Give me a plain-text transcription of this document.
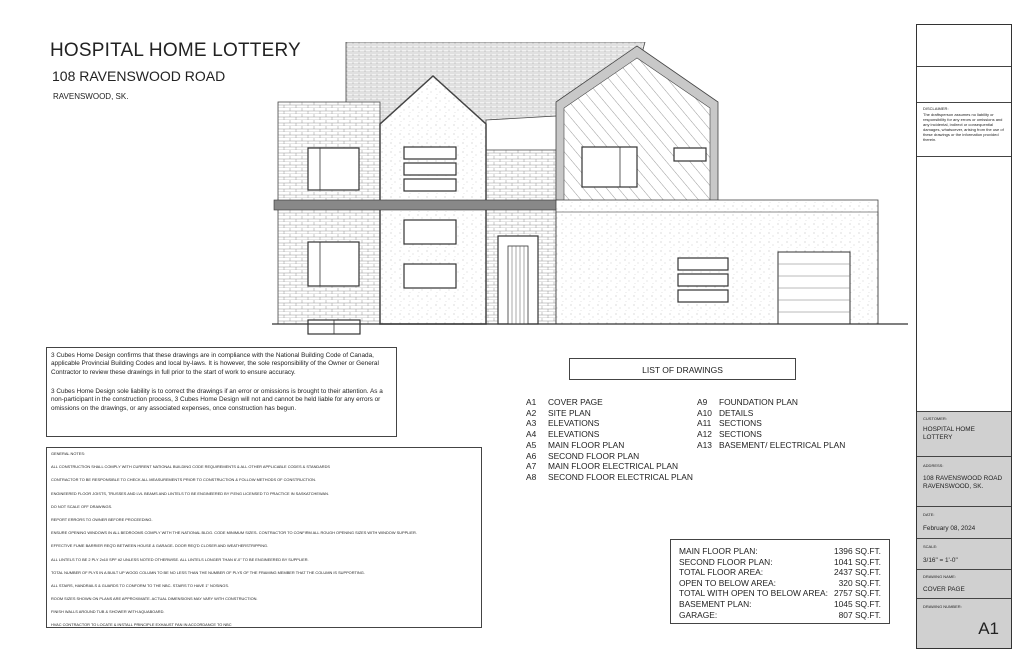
HOSPITAL HOME LOTTERY
108 RAVENSWOOD ROAD
RAVENSWOOD, SK.

3 Cubes Home Design confirms that these drawings are in compliance with the National Building Code of Canada, applicable Provincial Building Codes and local by-laws. It is however, the sole responsibility of the Owner or General Contractor to review these drawings in full prior to the start of work to ensure accuracy.

3 Cubes Home Design sole liability is to correct the drawings if an error or omissions is brought to their attention. As a non-participant in the construction process, 3 Cubes Home Design will not and cannot be held liable for any errors or omissions on the drawings, or any associated expenses, once construction has begun.

GENERAL NOTES:
ALL CONSTRUCTION SHALL COMPLY WITH CURRENT NATIONAL BUILDING CODE REQUIREMENTS & ALL OTHER APPLICABLE CODES & STANDARDS
CONTRACTOR TO BE RESPONSIBLE TO CHECK ALL MEASUREMENTS PRIOR TO CONSTRUCTION & FOLLOW METHODS OF CONSTRUCTION.
ENGINEERED FLOOR JOISTS, TRUSSES AND LVL BEAMS AND LINTELS TO BE ENGINEERED BY P.ENG LICENSED TO PRACTICE IN SASKATCHEWAN.
DO NOT SCALE OFF DRAWINGS.
REPORT ERRORS TO OWNER BEFORE PROCEEDING.
ENSURE OPENING WINDOWS IN ALL BEDROOMS COMPLY WITH THE NATIONAL BLDG. CODE MINIMUM SIZES- CONTRACTOR TO CONFIRM ALL ROUGH OPENING SIZES WITH WINDOW SUPPLIER.
EFFECTIVE FUME BARRIER REQ'D BETWEEN HOUSE & GARAGE- DOOR REQ'D CLOSER AND WEATHERSTRIPPING.
ALL LINTELS TO BE 2 PLY 2x10 SPF #2 UNLESS NOTED OTHERWISE. ALL LINTELS LONGER THAN 6'-0" TO BE ENGINEERED BY SUPPLIER.
TOTAL NUMBER OF PLYS IN A BUILT UP WOOD COLUMN TO BE NO LESS THAN THE NUMBER OF PLYS OF THE FRAMING MEMBER THAT THE COLUMN IS SUPPORTING.
ALL STAIRS, HANDRAILS & GUARDS TO CONFORM TO THE NBC- STAIRS TO HAVE 1" NOSINGS.
ROOM SIZES SHOWN ON PLANS ARE APPROXIMATE. ACTUAL DIMENSIONS MAY VARY WITH CONSTRUCTION.
FINISH WALLS AROUND TUB & SHOWER WITH AQUABOARD.
HVAC CONTRACTOR TO LOCATE & INSTALL PRINCIPLE EXHAUST FAN IN ACCORDANCE TO NBC
LIST OF DRAWINGS
A1	COVER PAGE
A2	SITE PLAN
A3	ELEVATIONS
A4	ELEVATIONS
A5	MAIN FLOOR PLAN
A6	SECOND FLOOR PLAN
A7	MAIN FLOOR ELECTRICAL PLAN
A8	SECOND FLOOR ELECTRICAL PLAN
A9	FOUNDATION PLAN
A10 DETAILS
A11 SECTIONS
A12 SECTIONS
A13 BASEMENT/ ELECTRICAL PLAN
MAIN FLOOR PLAN:	1396 SQ.FT.
SECOND FLOOR PLAN:	1041 SQ.FT.
TOTAL FLOOR AREA:	2437 SQ.FT.
OPEN TO BELOW AREA:	320 SQ.FT.
TOTAL WITH OPEN TO BELOW AREA: 2757 SQ.FT.
BASEMENT PLAN:	1045 SQ.FT.
GARAGE:	807 SQ.FT.
DISCLAIMER:
The draftsperson assumes no liability or responsibility for any errors or omissions and any incidental, indirect or consequential damages, whatsoever, arising from the use of these drawings or the information provided therein.
CUSTOMER:
HOSPITAL HOME
LOTTERY
ADDRESS:
108 RAVENSWOOD ROAD
RAVENSWOOD, SK.
DATE:
February 08, 2024
SCALE:
3/16" = 1'-0"
DRAWING NAME:
COVER PAGE
DRAWING NUMBER:
A1
